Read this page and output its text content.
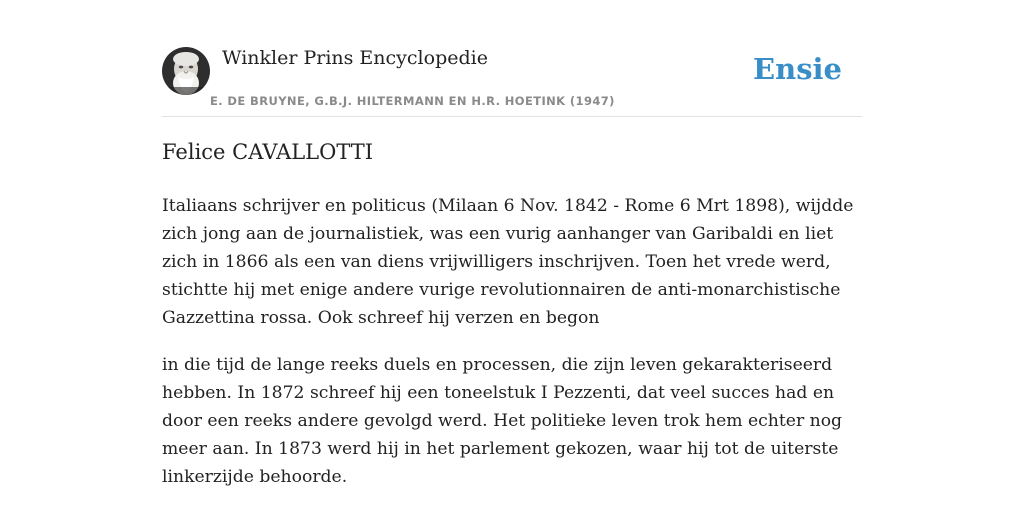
Winkler Prins Encyclopedie
E. DE BRUYNE, G.B.J. HILTERMANN EN H.R. HOETINK (1947)
Ensie
Felice CAVALLOTTI

Italiaans schrijver en politicus (Milaan 6 Nov. 1842 - Rome 6 Mrt 1898), wijdde zich jong aan de journalistiek, was een vurig aanhanger van Garibaldi en liet zich in 1866 als een van diens vrijwilligers inschrijven. Toen het vrede werd, stichtte hij met enige andere vurige revolutionnairen de anti-monarchistische Gazzettina rossa. Ook schreef hij verzen en begon

in die tijd de lange reeks duels en processen, die zijn leven gekarakteriseerd hebben. In 1872 schreef hij een toneelstuk I Pezzenti, dat veel succes had en door een reeks andere gevolgd werd. Het politieke leven trok hem echter nog meer aan. In 1873 werd hij in het parlement gekozen, waar hij tot de uiterste linkerzijde behoorde.
